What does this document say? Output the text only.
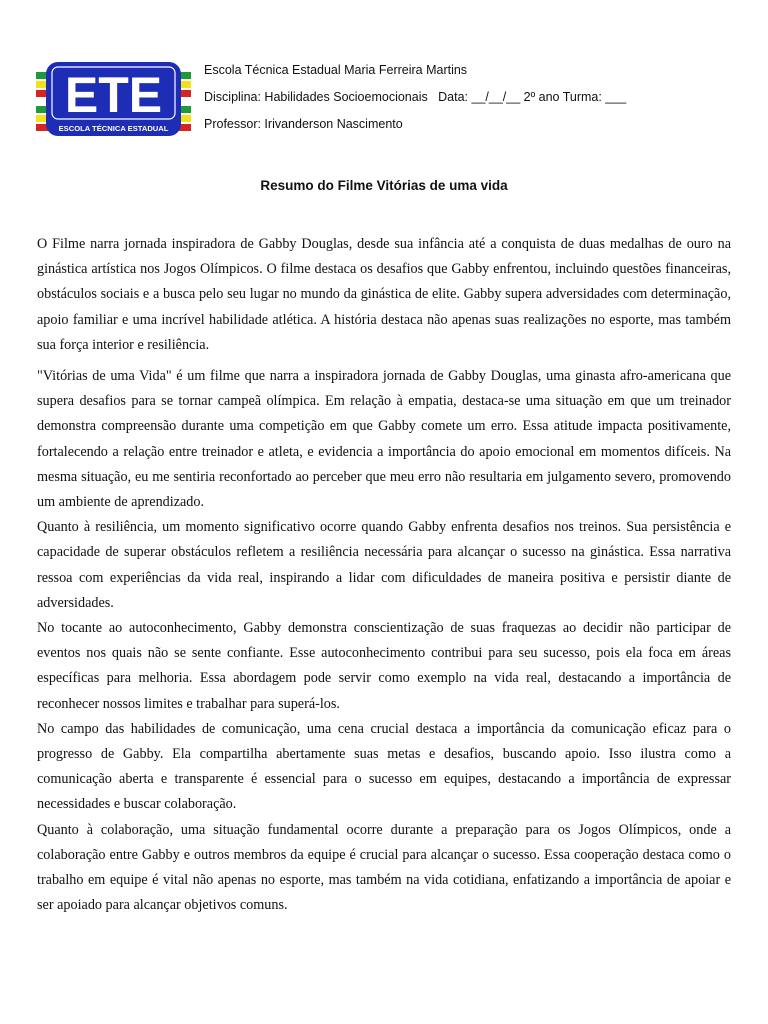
ETE
ESCOLA TÉCNICA ESTADUAL
Escola Técnica Estadual Maria Ferreira Martins
Disciplina: Habilidades Socioemocionais   Data: __/__/__ 2º ano Turma: ___
Professor: Irivanderson Nascimento
Resumo do Filme Vitórias de uma vida

O Filme narra jornada inspiradora de Gabby Douglas, desde sua infância até a conquista de duas medalhas de ouro na ginástica artística nos Jogos Olímpicos. O filme destaca os desafios que Gabby enfrentou, incluindo questões financeiras, obstáculos sociais e a busca pelo seu lugar no mundo da ginástica de elite. Gabby supera adversidades com determinação, apoio familiar e uma incrível habilidade atlética. A história destaca não apenas suas realizações no esporte, mas também sua força interior e resiliência.

"Vitórias de uma Vida" é um filme que narra a inspiradora jornada de Gabby Douglas, uma ginasta afro-americana que supera desafios para se tornar campeã olímpica. Em relação à empatia, destaca-se uma situação em que um treinador demonstra compreensão durante uma competição em que Gabby comete um erro. Essa atitude impacta positivamente, fortalecendo a relação entre treinador e atleta, e evidencia a importância do apoio emocional em momentos difíceis. Na mesma situação, eu me sentiria reconfortado ao perceber que meu erro não resultaria em julgamento severo, promovendo um ambiente de aprendizado.

Quanto à resiliência, um momento significativo ocorre quando Gabby enfrenta desafios nos treinos. Sua persistência e capacidade de superar obstáculos refletem a resiliência necessária para alcançar o sucesso na ginástica. Essa narrativa ressoa com experiências da vida real, inspirando a lidar com dificuldades de maneira positiva e persistir diante de adversidades.

No tocante ao autoconhecimento, Gabby demonstra conscientização de suas fraquezas ao decidir não participar de eventos nos quais não se sente confiante. Esse autoconhecimento contribui para seu sucesso, pois ela foca em áreas específicas para melhoria. Essa abordagem pode servir como exemplo na vida real, destacando a importância de reconhecer nossos limites e trabalhar para superá-los.

No campo das habilidades de comunicação, uma cena crucial destaca a importância da comunicação eficaz para o progresso de Gabby. Ela compartilha abertamente suas metas e desafios, buscando apoio. Isso ilustra como a comunicação aberta e transparente é essencial para o sucesso em equipes, destacando a importância de expressar necessidades e buscar colaboração.

Quanto à colaboração, uma situação fundamental ocorre durante a preparação para os Jogos Olímpicos, onde a colaboração entre Gabby e outros membros da equipe é crucial para alcançar o sucesso. Essa cooperação destaca como o trabalho em equipe é vital não apenas no esporte, mas também na vida cotidiana, enfatizando a importância de apoiar e ser apoiado para alcançar objetivos comuns.
